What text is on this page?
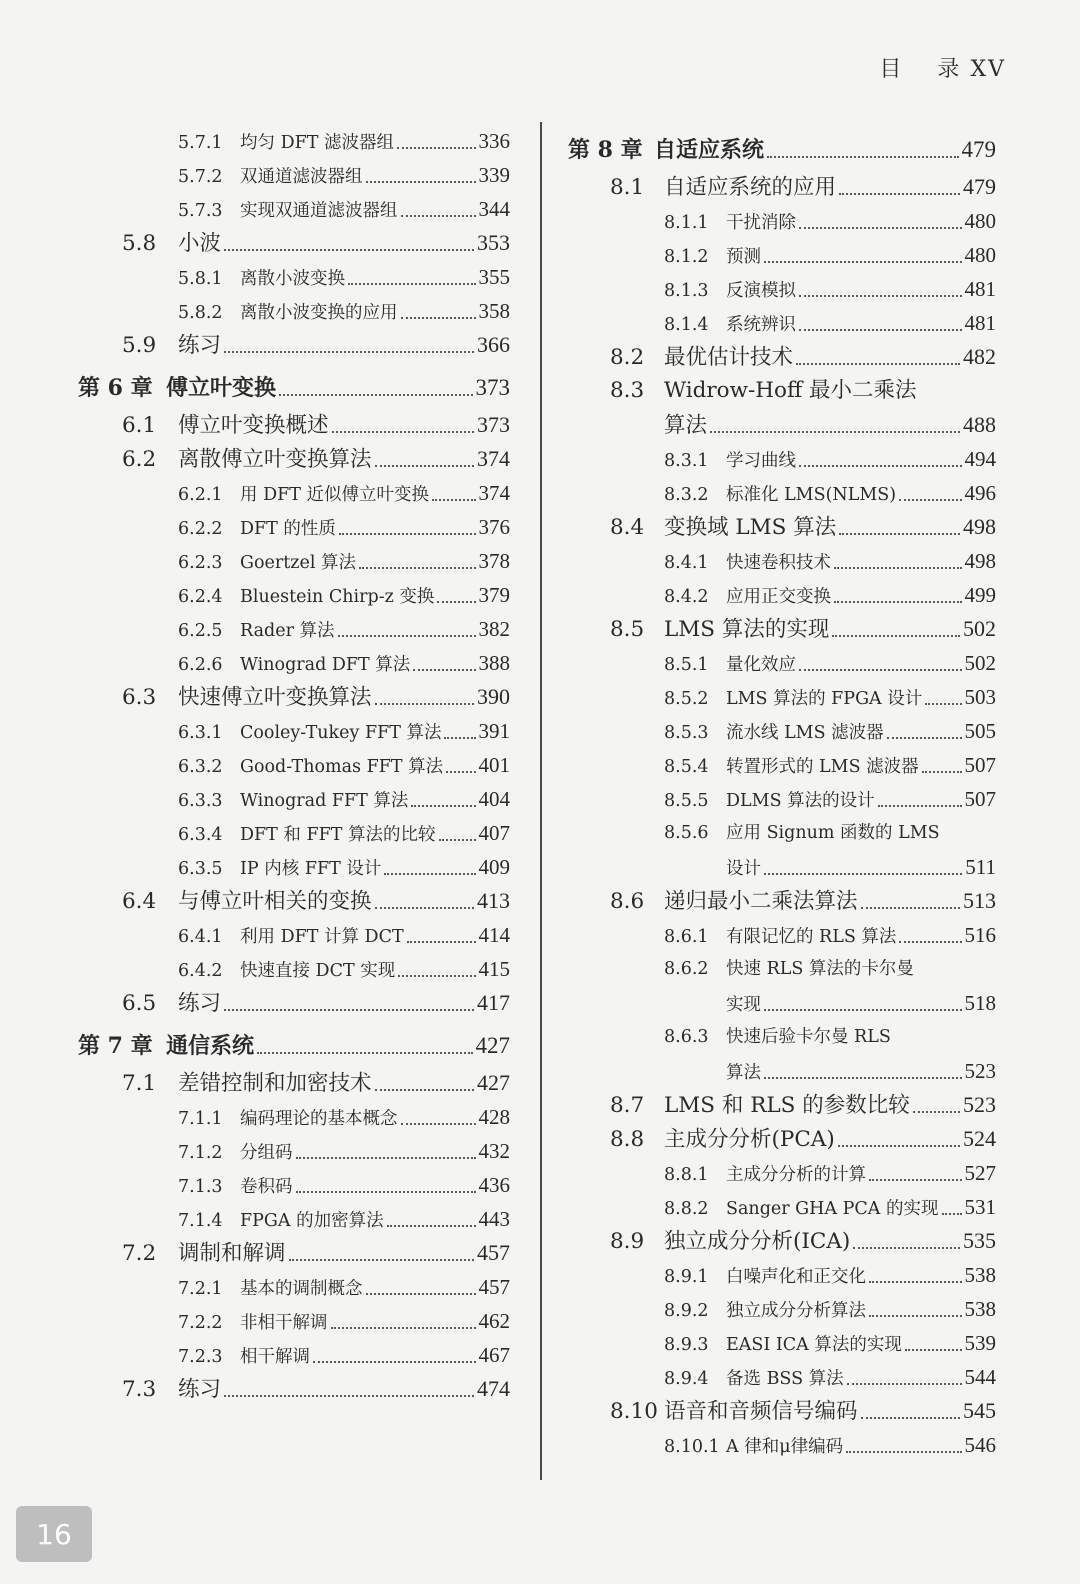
目 录 XV
5.7.1 均匀 DFT 滤波器组	336
5.7.2 双通道滤波器组	339
5.7.3 实现双通道滤波器组	344
5.8	小波	353
5.8.1 离散小波变换	355
5.8.2 离散小波变换的应用	358
5.9	练习	366
第 6 章 傅立叶变换	373
6.1	傅立叶变换概述	373
6.2	离散傅立叶变换算法	374
6.2.1 用 DFT 近似傅立叶变换 374
6.2.2 DFT 的性质	376
6.2.3 Goertzel 算法	378
6.2.4 Bluestein Chirp-z 变换 379
6.2.5 Rader 算法	382
6.2.6 Winograd DFT 算法	388
6.3	快速傅立叶变换算法	390
6.3.1 Cooley-Tukey FFT 算法 391
6.3.2 Good-Thomas FFT 算法 401
6.3.3 Winograd FFT 算法	404
6.3.4 DFT 和 FFT 算法的比较 407
6.3.5 IP 内核 FFT 设计	409
6.4	与傅立叶相关的变换	413
6.4.1 利用 DFT 计算 DCT	414
6.4.2 快速直接 DCT 实现	415
6.5	练习	417
第 7 章 通信系统	427
7.1	差错控制和加密技术	427
7.1.1 编码理论的基本概念	428
7.1.2 分组码	432
7.1.3 卷积码	436
7.1.4 FPGA 的加密算法	443
7.2	调制和解调	457
7.2.1 基本的调制概念	457
7.2.2 非相干解调	462
7.2.3 相干解调	467
7.3	练习	474
第 8 章 自适应系统	479
8.1 自适应系统的应用	479
8.1.1 干扰消除	480
8.1.2 预测	480
8.1.3 反演模拟	481
8.1.4 系统辨识	481
8.2 最优估计技术	482
8.3 Widrow-Hoff 最小二乘法
算法	488
8.3.1 学习曲线	494
8.3.2 标准化 LMS(NLMS)	496
8.4 变换域 LMS 算法	498
8.4.1 快速卷积技术	498
8.4.2 应用正交变换	499
8.5 LMS 算法的实现	502
8.5.1 量化效应	502
8.5.2 LMS 算法的 FPGA 设计 503
8.5.3 流水线 LMS 滤波器	505
8.5.4 转置形式的 LMS 滤波器 507
8.5.5 DLMS 算法的设计	507
8.5.6 应用 Signum 函数的 LMS
设计	511
8.6 递归最小二乘法算法	513
8.6.1 有限记忆的 RLS 算法	516
8.6.2 快速 RLS 算法的卡尔曼
实现	518
8.6.3 快速后验卡尔曼 RLS
算法	523
8.7 LMS 和 RLS 的参数比较 523
8.8 主成分分析(PCA)	524
8.8.1 主成分分析的计算	527
8.8.2 Sanger GHA PCA 的实现 531
8.9 独立成分分析(ICA)	535
8.9.1 白噪声化和正交化	538
8.9.2 独立成分分析算法	538
8.9.3 EASI ICA 算法的实现	539
8.9.4 备选 BSS 算法	544
8.10 语音和音频信号编码	545
8.10.1 A 律和μ律编码	546
16
